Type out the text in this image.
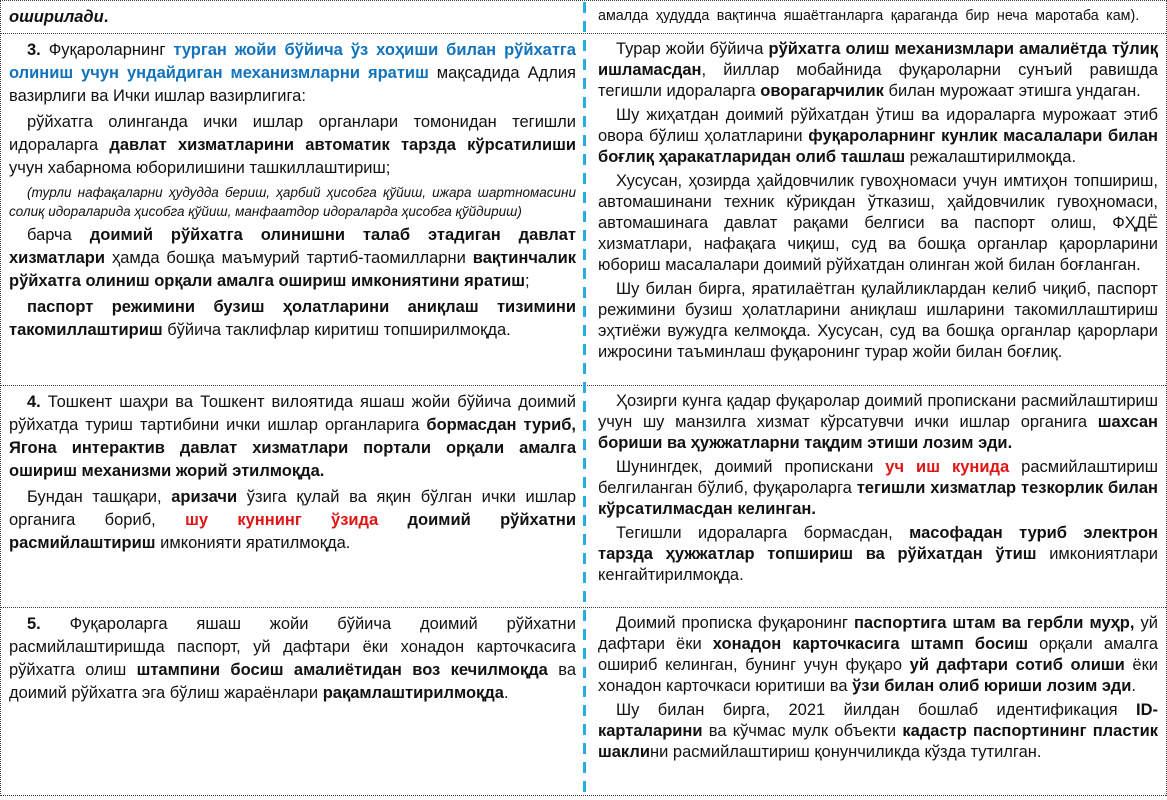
оширилади.	амалда ҳудудда вақтинча яшаётганларга қараганда бир неча маротаба кам).

3. Фуқароларнинг турган жойи бўйича ўз хоҳиши билан рўйхатга олиниш учун ундайдиган механизмларни яратиш мақсадида Адлия вазирлиги ва Ички ишлар вазирлигига:

рўйхатга олинганда ички ишлар органлари томонидан тегишли идораларга давлат хизматларини автоматик тарзда кўрсатилиши учун хабарнома юборилишини ташкиллаштириш;

(турли нафақаларни ҳудудда бериш, ҳарбий ҳисобга қўйиш, ижара шартномасини солиқ идораларида ҳисобга қўйиш, манфаатдор идораларда ҳисобга қўйдириш)

барча доимий рўйхатга олинишни талаб этадиган давлат хизматлари ҳамда бошқа маъмурий тартиб-таомилларни вақтинчалик рўйхатга олиниш орқали амалга ошириш имкониятини яратиш;

паспорт режимини бузиш ҳолатларини аниқлаш тизимини такомиллаштириш бўйича таклифлар киритиш топширилмоқда.

Турар жойи бўйича рўйхатга олиш механизмлари амалиётда тўлиқ ишламасдан, йиллар мобайнида фуқароларни сунъий равишда тегишли идораларга оворагарчилик билан мурожаат этишга ундаган.

Шу жиҳатдан доимий рўйхатдан ўтиш ва идораларга мурожаат этиб овора бўлиш ҳолатларини фуқароларнинг кунлик масалалари билан боғлиқ ҳаракатларидан олиб ташлаш режалаштирилмоқда.

Хусусан, ҳозирда ҳайдовчилик гувоҳномаси учун имтиҳон топшириш, автомашинани техник кўрикдан ўтказиш, ҳайдовчилик гувоҳномаси, автомашинага давлат рақами белгиси ва паспорт олиш, ФҲДЁ хизматлари, нафақага чиқиш, суд ва бошқа органлар қарорларини юбориш масалалари доимий рўйхатдан олинган жой билан боғланган.

Шу билан бирга, яратилаётган қулайликлардан келиб чиқиб, паспорт режимини бузиш ҳолатларини аниқлаш ишларини такомиллаштириш эҳтиёжи вужудга келмоқда. Хусусан, суд ва бошқа органлар қарорлари ижросини таъминлаш фуқаронинг турар жойи билан боғлиқ.

4. Тошкент шаҳри ва Тошкент вилоятида яшаш жойи бўйича доимий рўйхатда туриш тартибини ички ишлар органларига бормасдан туриб, Ягона интерактив давлат хизматлари портали орқали амалга ошириш механизми жорий этилмоқда.

Бундан ташқари, аризачи ўзига қулай ва яқин бўлган ички ишлар органига бориб, шу куннинг ўзида доимий рўйхатни расмийлаштириш имконияти яратилмоқда.

Ҳозирги кунга қадар фуқаролар доимий пропискани расмийлаштириш учун шу манзилга хизмат кўрсатувчи ички ишлар органига шахсан бориши ва ҳужжатларни тақдим этиши лозим эди.

Шунингдек, доимий пропискани уч иш кунида расмийлаштириш белгиланган бўлиб, фуқароларга тегишли хизматлар тезкорлик билан кўрсатилмасдан келинган.

Тегишли идораларга бормасдан, масофадан туриб электрон тарзда ҳужжатлар топшириш ва рўйхатдан ўтиш имкониятлари кенгайтирилмоқда.

5. Фуқароларга яшаш жойи бўйича доимий рўйхатни расмийлаштиришда паспорт, уй дафтари ёки хонадон карточкасига рўйхатга олиш штампини босиш амалиётидан воз кечилмоқда ва доимий рўйхатга эга бўлиш жараёнлари рақамлаштирилмоқда.

Доимий прописка фуқаронинг паспортига штам ва гербли муҳр, уй дафтари ёки хонадон карточкасига штамп босиш орқали амалга ошириб келинган, бунинг учун фуқаро уй дафтари сотиб олиши ёки хонадон карточкаси юритиши ва ўзи билан олиб юриши лозим эди.

Шу билан бирга, 2021 йилдан бошлаб идентификация ID-карталарини ва кўчмас мулк объекти кадастр паспортининг пластик шаклини расмийлаштириш қонунчиликда кўзда тутилган.
